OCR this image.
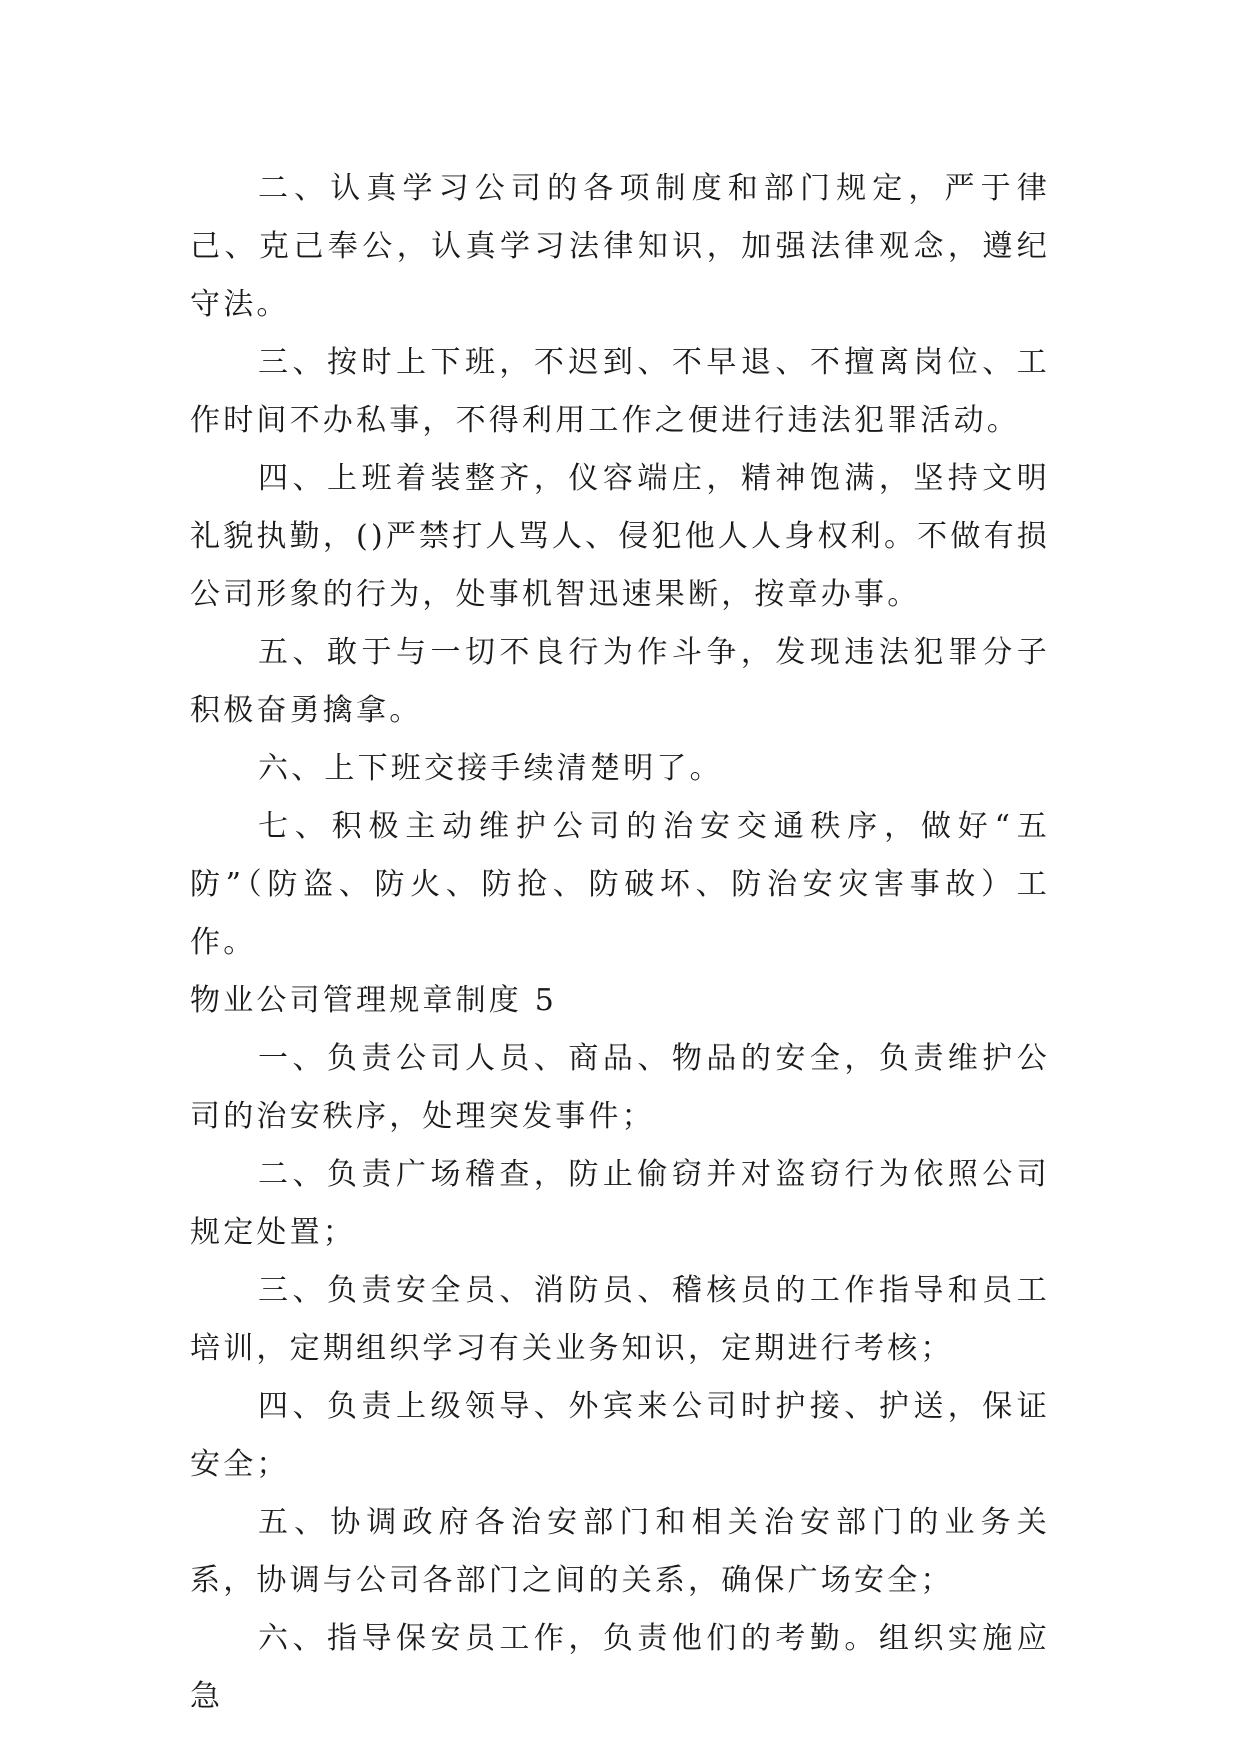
二、认真学习公司的各项制度和部门规定，严于律己、克己奉公，认真学习法律知识，加强法律观念，遵纪守法。

三、按时上下班，不迟到、不早退、不擅离岗位、工作时间不办私事，不得利用工作之便进行违法犯罪活动。

四、上班着装整齐，仪容端庄，精神饱满，坚持文明礼貌执勤，()严禁打人骂人、侵犯他人人身权利。不做有损公司形象的行为，处事机智迅速果断，按章办事。

五、敢于与一切不良行为作斗争，发现违法犯罪分子积极奋勇擒拿。

六、上下班交接手续清楚明了。

七、积极主动维护公司的治安交通秩序，做好“五防”（防盗、防火、防抢、防破坏、防治安灾害事故）工作。

物业公司管理规章制度 5

一、负责公司人员、商品、物品的安全，负责维护公司的治安秩序，处理突发事件；

二、负责广场稽查，防止偷窃并对盗窃行为依照公司规定处置；

三、负责安全员、消防员、稽核员的工作指导和员工培训，定期组织学习有关业务知识，定期进行考核；

四、负责上级领导、外宾来公司时护接、护送，保证安全；

五、协调政府各治安部门和相关治安部门的业务关系，协调与公司各部门之间的关系，确保广场安全；

六、指导保安员工作，负责他们的考勤。组织实施应急
